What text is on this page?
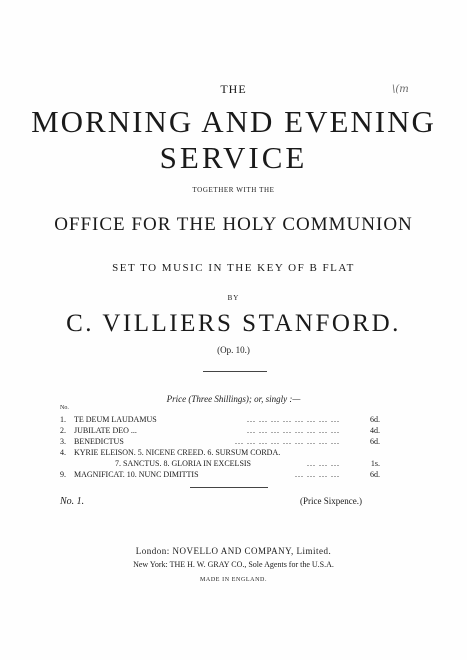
\(m
THE
MORNING AND EVENING
SERVICE
TOGETHER WITH THE
OFFICE FOR THE HOLY COMMUNION
SET TO MUSIC IN THE KEY OF B FLAT
BY
C. VILLIERS STANFORD.
(Op. 10.)
Price (Three Shillings); or, singly :—
No.
1.	TE DEUM LAUDAMUS	... ... ... ... ... ... ... ...	6d.
2.	JUBILATE DEO ...	... ... ... ... ... ... ... ...	4d.
3.	BENEDICTUS	... ... ... ... ... ... ... ... ...	6d.
4.	KYRIE ELEISON. 5. NICENE CREED. 6. SURSUM CORDA.
7. SANCTUS. 8. GLORIA IN EXCELSIS	... ... ...	1s.
9.	MAGNIFICAT. 10. NUNC DIMITTIS	... ... ... ...	6d.
No. 1.	(Price Sixpence.)
London: NOVELLO AND COMPANY, Limited.
New York: THE H. W. GRAY CO., Sole Agents for the U.S.A.
MADE IN ENGLAND.
